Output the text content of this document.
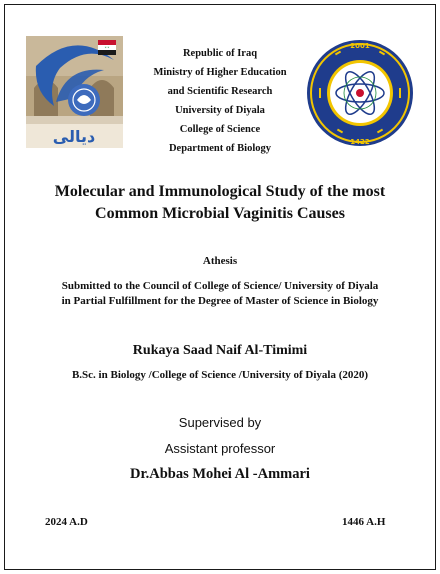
* *
ديالى
Republic of Iraq
Ministry of Higher Education
and Scientific Research
University of Diyala
College of Science
Department of Biology
2001
1422
Molecular and Immunological Study of the most
Common Microbial Vaginitis Causes
Athesis
Submitted to the Council of College of Science/ University of Diyala
in Partial Fulfillment for the Degree of Master of Science in Biology
Rukaya Saad Naif Al-Timimi
B.Sc. in Biology /College of Science /University of Diyala (2020)
Supervised by
Assistant professor
Dr.Abbas Mohei Al -Ammari
2024 A.D	1446 A.H
